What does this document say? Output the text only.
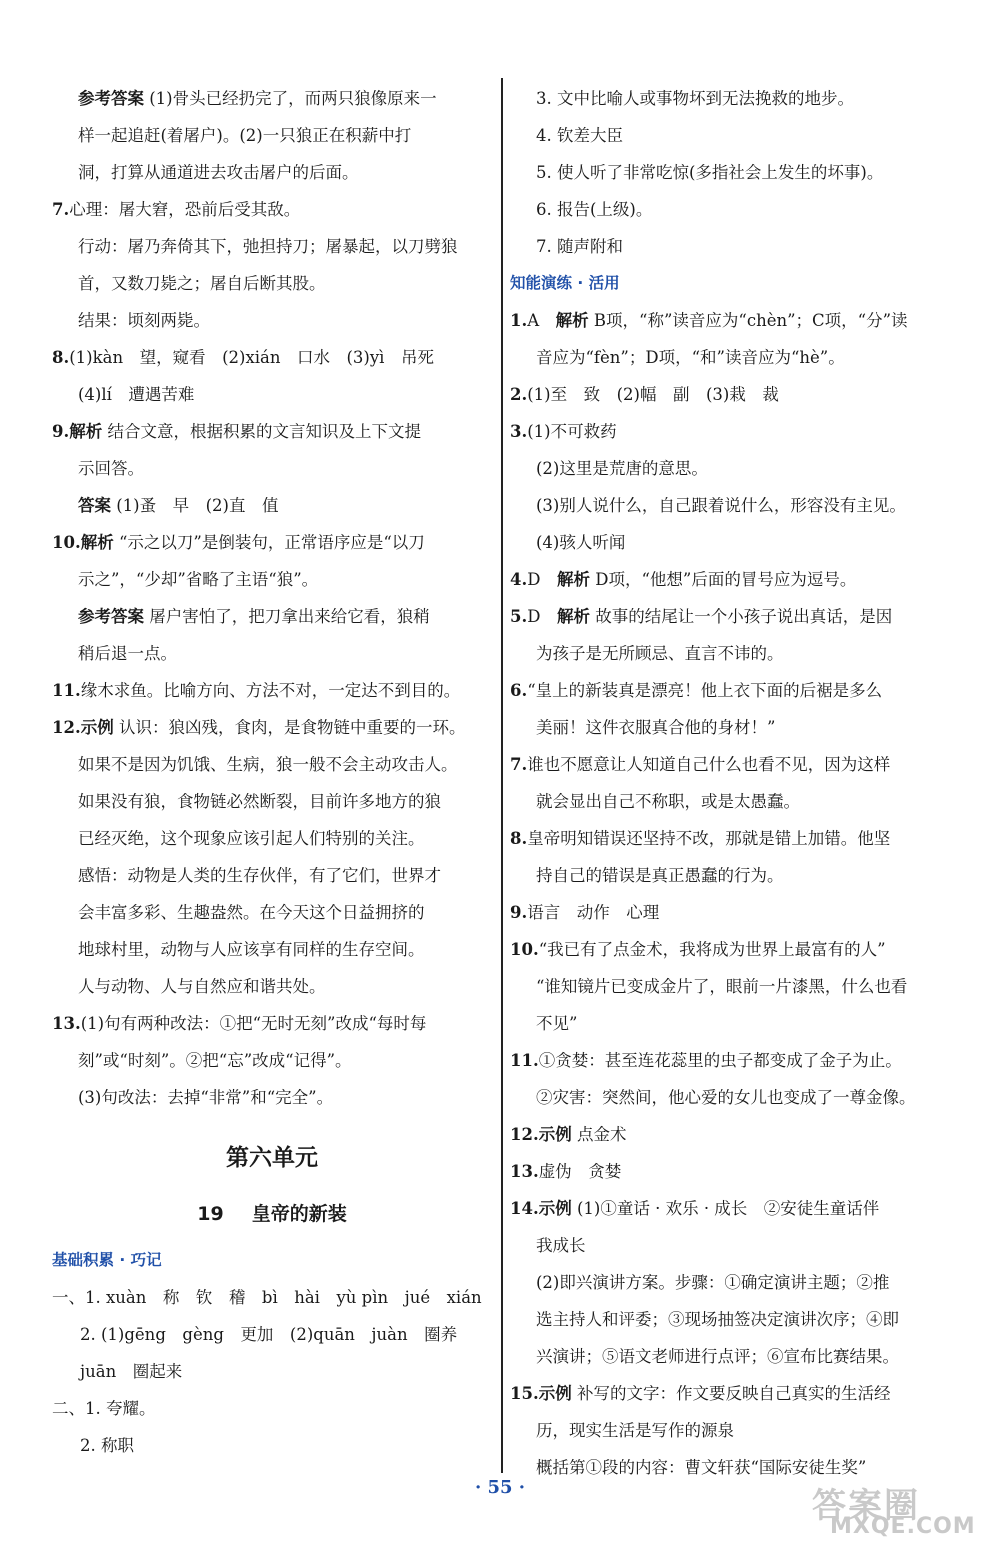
参考答案 (1)骨头已经扔完了，而两只狼像原来一
样一起追赶(着屠户)。(2)一只狼正在积薪中打
洞，打算从通道进去攻击屠户的后面。
7.心理：屠大窘，恐前后受其敌。
行动：屠乃奔倚其下，弛担持刀；屠暴起，以刀劈狼
首，又数刀毙之；屠自后断其股。
结果：顷刻两毙。
8.(1)kàn　望，窥看　(2)xián　口水　(3)yì　吊死
(4)lí　遭遇苦难
9.解析 结合文意，根据积累的文言知识及上下文提
示回答。
答案 (1)蚤　早　(2)直　值
10.解析 “示之以刀”是倒装句，正常语序应是“以刀
示之”，“少却”省略了主语“狼”。
参考答案 屠户害怕了，把刀拿出来给它看，狼稍
稍后退一点。
11.缘木求鱼。比喻方向、方法不对，一定达不到目的。
12.示例 认识：狼凶残，食肉，是食物链中重要的一环。
如果不是因为饥饿、生病，狼一般不会主动攻击人。
如果没有狼，食物链必然断裂，目前许多地方的狼
已经灭绝，这个现象应该引起人们特别的关注。
感悟：动物是人类的生存伙伴，有了它们，世界才
会丰富多彩、生趣盎然。在今天这个日益拥挤的
地球村里，动物与人应该享有同样的生存空间。
人与动物、人与自然应和谐共处。
13.(1)句有两种改法：①把“无时无刻”改成“每时每
刻”或“时刻”。②把“忘”改成“记得”。
(3)句改法：去掉“非常”和“完全”。
第六单元
19 皇帝的新装
基础积累 · 巧记
一、1. xuàn　称　钦　稽　bì　hài　yù pìn　jué　xián
2. (1)gēng　gèng　更加　(2)quān　juàn　圈养
juān　圈起来
二、1. 夸耀。
2. 称职
3. 文中比喻人或事物坏到无法挽救的地步。
4. 钦差大臣
5. 使人听了非常吃惊(多指社会上发生的坏事)。
6. 报告(上级)。
7. 随声附和
知能演练 · 活用
1.A　解析 B项，“称”读音应为“chèn”；C项，“分”读
音应为“fèn”；D项，“和”读音应为“hè”。
2.(1)至　致　(2)幅　副　(3)栽　裁
3.(1)不可救药
(2)这里是荒唐的意思。
(3)别人说什么，自己跟着说什么，形容没有主见。
(4)骇人听闻
4.D　解析 D项，“他想”后面的冒号应为逗号。
5.D　解析 故事的结尾让一个小孩子说出真话，是因
为孩子是无所顾忌、直言不讳的。
6.“皇上的新装真是漂亮！他上衣下面的后裾是多么
美丽！这件衣服真合他的身材！”
7.谁也不愿意让人知道自己什么也看不见，因为这样
就会显出自己不称职，或是太愚蠢。
8.皇帝明知错误还坚持不改，那就是错上加错。他坚
持自己的错误是真正愚蠢的行为。
9.语言　动作　心理
10.“我已有了点金术，我将成为世界上最富有的人”
“谁知镜片已变成金片了，眼前一片漆黑，什么也看
不见”
11.①贪婪：甚至连花蕊里的虫子都变成了金子为止。
②灾害：突然间，他心爱的女儿也变成了一尊金像。
12.示例 点金术
13.虚伪　贪婪
14.示例 (1)①童话 · 欢乐 · 成长　②安徒生童话伴
我成长
(2)即兴演讲方案。步骤：①确定演讲主题；②推
选主持人和评委；③现场抽签决定演讲次序；④即
兴演讲；⑤语文老师进行点评；⑥宣布比赛结果。
15.示例 补写的文字：作文要反映自己真实的生活经
历，现实生活是写作的源泉
概括第①段的内容：曹文轩获“国际安徒生奖”
· 55 ·	答案圈
MXQE.COM
